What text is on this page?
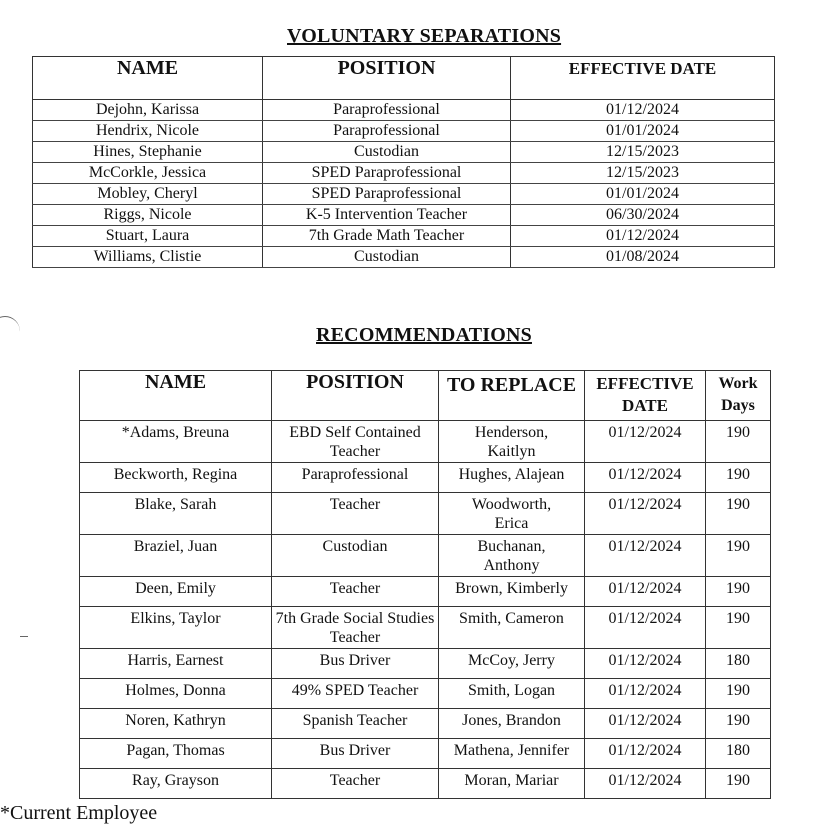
VOLUNTARY SEPARATIONS
NAME	POSITION	EFFECTIVE DATE
Dejohn, Karissa	Paraprofessional	01/12/2024
Hendrix, Nicole	Paraprofessional	01/01/2024
Hines, Stephanie	Custodian	12/15/2023
McCorkle, Jessica	SPED Paraprofessional	12/15/2023
Mobley, Cheryl	SPED Paraprofessional	01/01/2024
Riggs, Nicole	K-5 Intervention Teacher	06/30/2024
Stuart, Laura	7th Grade Math Teacher	01/12/2024
Williams, Clistie	Custodian	01/08/2024
RECOMMENDATIONS
NAME	POSITION	TO REPLACE	EFFECTIVE DATE	Work Days
*Adams, Breuna	EBD Self Contained Teacher	Henderson, Kaitlyn	01/12/2024	190
Beckworth, Regina	Paraprofessional	Hughes, Alajean	01/12/2024	190
Blake, Sarah	Teacher	Woodworth, Erica	01/12/2024	190
Braziel, Juan	Custodian	Buchanan, Anthony	01/12/2024	190
Deen, Emily	Teacher	Brown, Kimberly	01/12/2024	190
Elkins, Taylor	7th Grade Social Studies Teacher	Smith, Cameron	01/12/2024	190
Harris, Earnest	Bus Driver	McCoy, Jerry	01/12/2024	180
Holmes, Donna	49% SPED Teacher	Smith, Logan	01/12/2024	190
Noren, Kathryn	Spanish Teacher	Jones, Brandon	01/12/2024	190
Pagan, Thomas	Bus Driver	Mathena, Jennifer	01/12/2024	180
Ray, Grayson	Teacher	Moran, Mariar	01/12/2024	190
*Current Employee
